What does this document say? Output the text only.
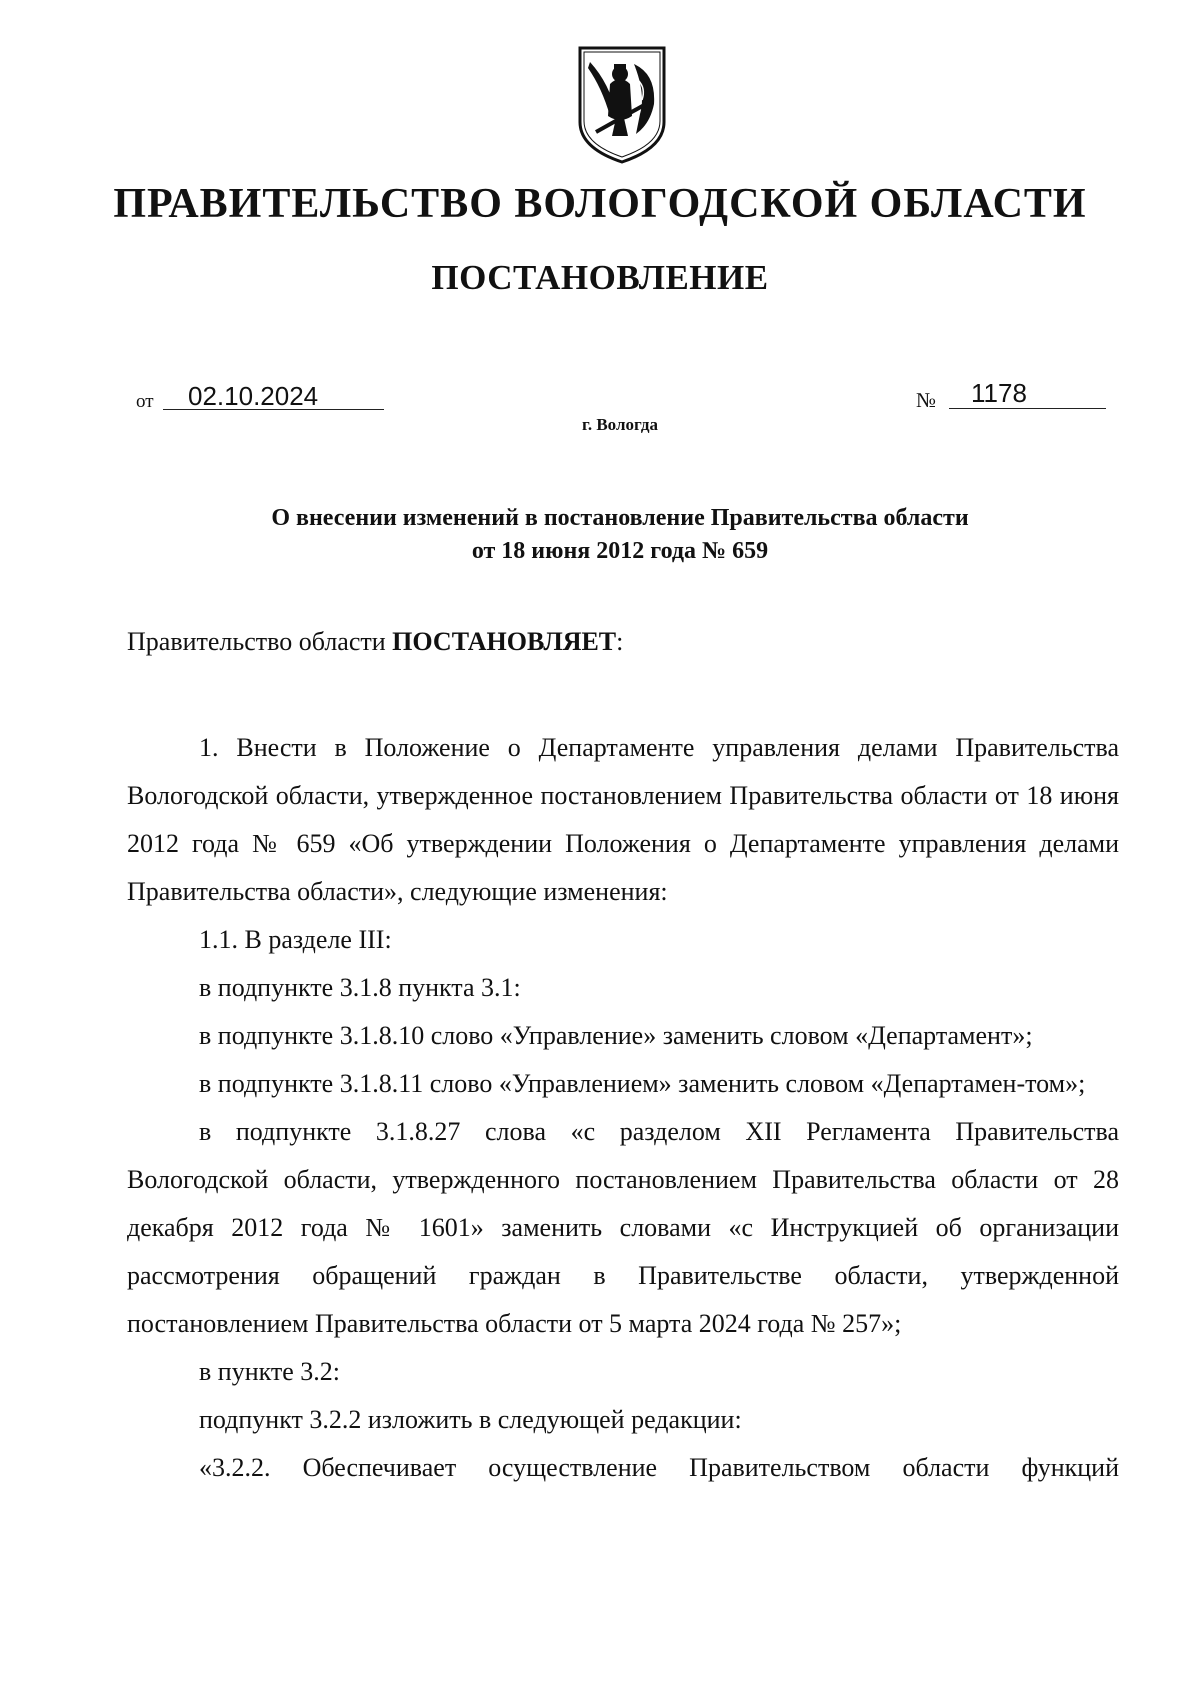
ПРАВИТЕЛЬСТВО ВОЛОГОДСКОЙ ОБЛАСТИ
ПОСТАНОВЛЕНИЕ
от 02.10.2024	№ 1178
г. Вологда
О внесении изменений в постановление Правительства области
от 18 июня 2012 года № 659
Правительство области ПОСТАНОВЛЯЕТ:

1. Внести в Положение о Департаменте управления делами Правительства Вологодской области, утвержденное постановлением Правительства области от 18 июня 2012 года № 659 «Об утверждении Положения о Департаменте управления делами Правительства области», следующие изменения:

1.1. В разделе III:

в подпункте 3.1.8 пункта 3.1:

в подпункте 3.1.8.10 слово «Управление» заменить словом «Департамент»;

в подпункте 3.1.8.11 слово «Управлением» заменить словом «Департамен-том»;

в подпункте 3.1.8.27 слова «с разделом XII Регламента Правительства Вологодской области, утвержденного постановлением Правительства области от 28 декабря 2012 года № 1601» заменить словами «с Инструкцией об организации рассмотрения обращений граждан в Правительстве области, утвержденной постановлением Правительства области от 5 марта 2024 года № 257»;

в пункте 3.2:

подпункт 3.2.2 изложить в следующей редакции:

«3.2.2. Обеспечивает осуществление Правительством области функций
